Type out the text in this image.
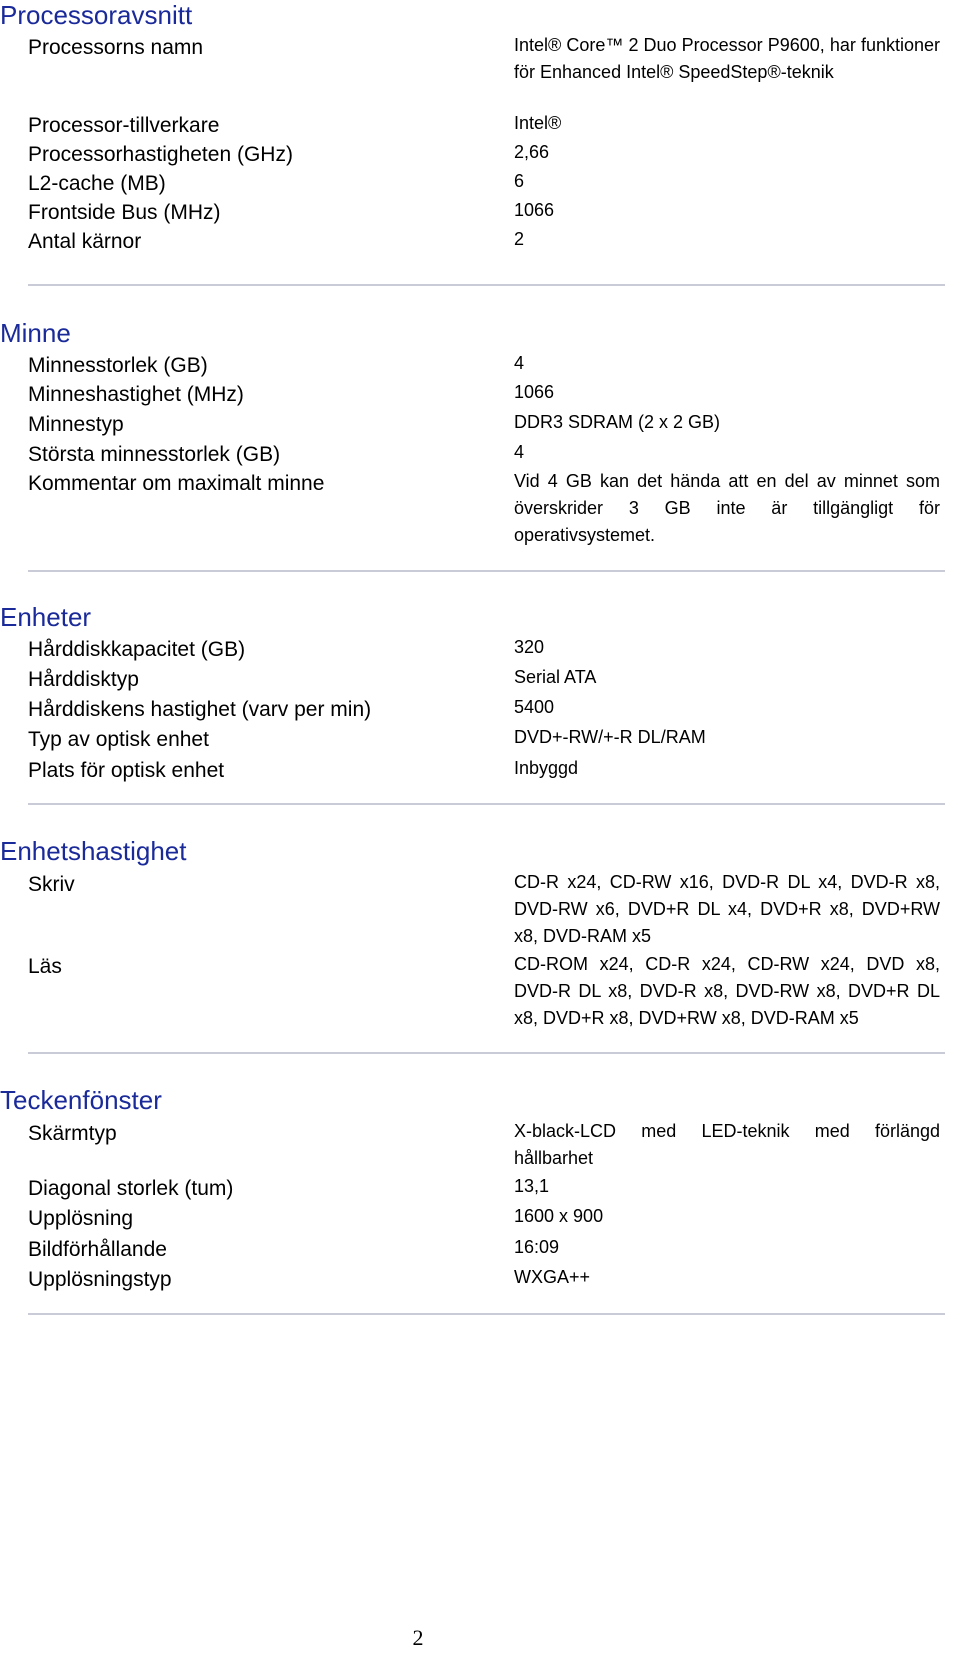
Processoravsnitt
Processorns namn	Intel® Core™ 2 Duo Processor P9600, har funktioner för Enhanced Intel® SpeedStep®-teknik
Processor-tillverkare	Intel®
Processorhastigheten (GHz)	2,66
L2-cache (MB)	6
Frontside Bus (MHz)	1066
Antal kärnor	2
Minne
Minnesstorlek (GB)	4
Minneshastighet (MHz)	1066
Minnestyp	DDR3 SDRAM (2 x 2 GB)
Största minnesstorlek (GB)	4
Kommentar om maximalt minne	Vid 4 GB kan det hända att en del av minnet som överskrider 3 GB inte är tillgängligt för operativsystemet.
Enheter
Hårddiskkapacitet (GB)	320
Hårddisktyp	Serial ATA
Hårddiskens hastighet (varv per min)	5400
Typ av optisk enhet	DVD+-RW/+-R DL/RAM
Plats för optisk enhet	Inbyggd
Enhetshastighet
Skriv	CD-R x24, CD-RW x16, DVD-R DL x4, DVD-R x8, DVD-RW x6, DVD+R DL x4, DVD+R x8, DVD+RW x8, DVD-RAM x5
Läs	CD-ROM x24, CD-R x24, CD-RW x24, DVD x8, DVD-R DL x8, DVD-R x8, DVD-RW x8, DVD+R DL x8, DVD+R x8, DVD+RW x8, DVD-RAM x5
Teckenfönster
Skärmtyp	X-black-LCD med LED-teknik med förlängd hållbarhet
Diagonal storlek (tum)	13,1
Upplösning	1600 x 900
Bildförhållande	16:09
Upplösningstyp	WXGA++
2
